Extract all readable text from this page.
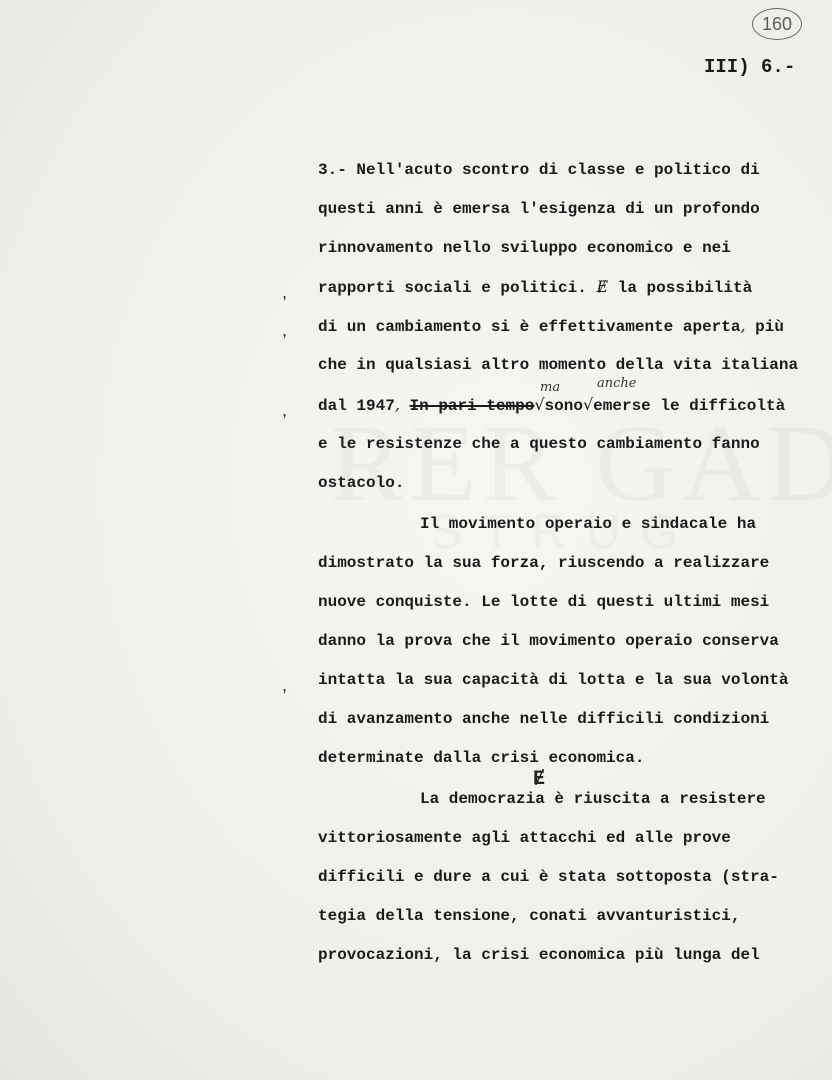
160
III) 6.-
3.- Nell'acuto scontro di classe e politico di
questi anni è emersa l'esigenza di un profondo
rinnovamento nello sviluppo economico e nei
, rapporti sociali e politici. Ɇ la possibilità
, di un cambiamento si è effettivamente aperta, più
che in qualsiasi altro momento della vita italiana
ma	anche
, dal 1947, In pari tempo√sono√emerse le difficoltà
e le resistenze che a questo cambiamento fanno
ostacolo.
Il movimento operaio e sindacale ha
dimostrato la sua forza, riuscendo a realizzare
nuove conquiste. Le lotte di questi ultimi mesi
danno la prova che il movimento operaio conserva
, intatta la sua capacità di lotta e la sua volontà
di avanzamento anche nelle difficili condizioni
determinate dalla crisi economica.
Ɇ
La democrazia è riuscita a resistere
vittoriosamente agli attacchi ed alle prove
difficili e dure a cui è stata sottoposta (stra-
tegia della tensione, conati avvanturistici,
provocazioni, la crisi economica più lunga del
